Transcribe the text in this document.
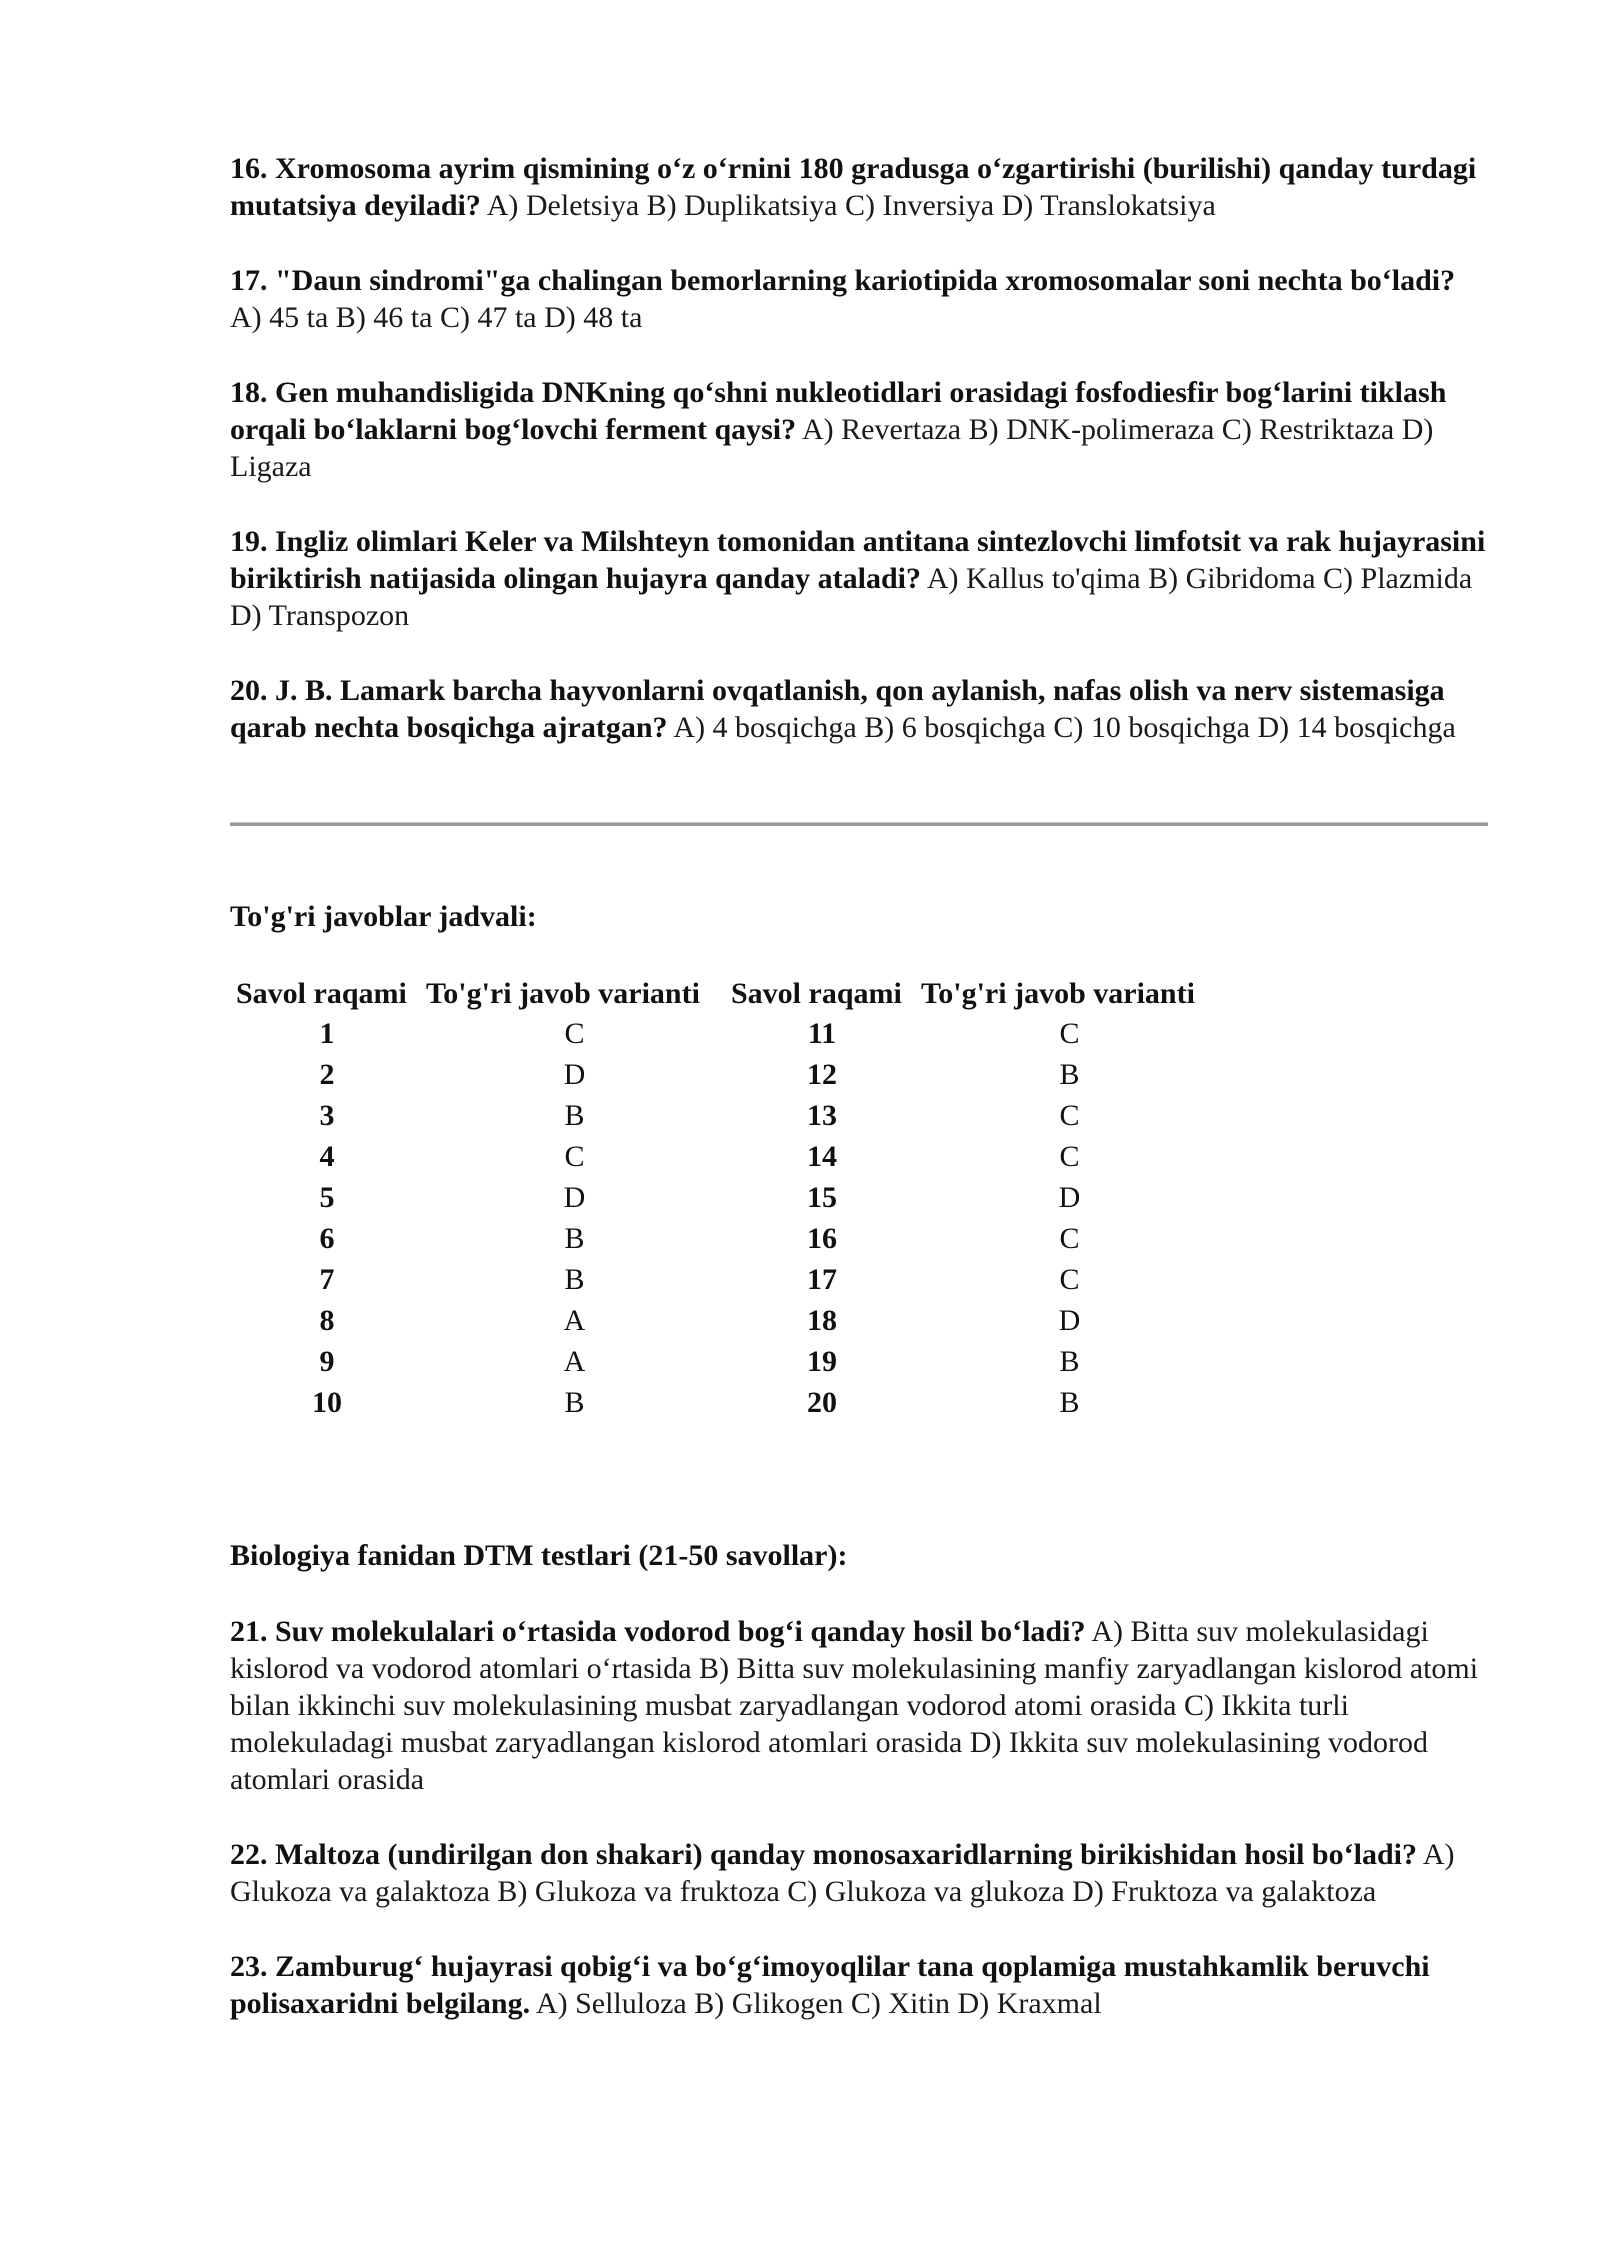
16. Xromosoma ayrim qismining o‘z o‘rnini 180 gradusga o‘zgartirishi (burilishi) qanday turdagi mutatsiya deyiladi? A) Deletsiya B) Duplikatsiya C) Inversiya D) Translokatsiya

17. "Daun sindromi"ga chalingan bemorlarning kariotipida xromosomalar soni nechta bo‘ladi? A) 45 ta B) 46 ta C) 47 ta D) 48 ta

18. Gen muhandisligida DNKning qo‘shni nukleotidlari orasidagi fosfodiesfir bog‘larini tiklash orqali bo‘laklarni bog‘lovchi ferment qaysi? A) Revertaza B) DNK-polimeraza C) Restriktaza D) Ligaza

19. Ingliz olimlari Keler va Milshteyn tomonidan antitana sintezlovchi limfotsit va rak hujayrasini biriktirish natijasida olingan hujayra qanday ataladi? A) Kallus to'qima B) Gibridoma C) Plazmida D) Transpozon

20. J. B. Lamark barcha hayvonlarni ovqatlanish, qon aylanish, nafas olish va nerv sistemasiga qarab nechta bosqichga ajratgan? A) 4 bosqichga B) 6 bosqichga C) 10 bosqichga D) 14 bosqichga

To'g'ri javoblar jadvali:
Savol raqami	To'g'ri javob varianti	Savol raqami	To'g'ri javob varianti
1	C	11	C
2	D	12	B
3	B	13	C
4	C	14	C
5	D	15	D
6	B	16	C
7	B	17	C
8	A	18	D
9	A	19	B
10	B	20	B
Biologiya fanidan DTM testlari (21-50 savollar):

21. Suv molekulalari o‘rtasida vodorod bog‘i qanday hosil bo‘ladi? A) Bitta suv molekulasidagi kislorod va vodorod atomlari o‘rtasida B) Bitta suv molekulasining manfiy zaryadlangan kislorod atomi bilan ikkinchi suv molekulasining musbat zaryadlangan vodorod atomi orasida C) Ikkita turli molekuladagi musbat zaryadlangan kislorod atomlari orasida D) Ikkita suv molekulasining vodorod atomlari orasida

22. Maltoza (undirilgan don shakari) qanday monosaxaridlarning birikishidan hosil bo‘ladi? A) Glukoza va galaktoza B) Glukoza va fruktoza C) Glukoza va glukoza D) Fruktoza va galaktoza

23. Zamburug‘ hujayrasi qobig‘i va bo‘g‘imoyoqlilar tana qoplamiga mustahkamlik beruvchi polisaxaridni belgilang. A) Selluloza B) Glikogen C) Xitin D) Kraxmal
